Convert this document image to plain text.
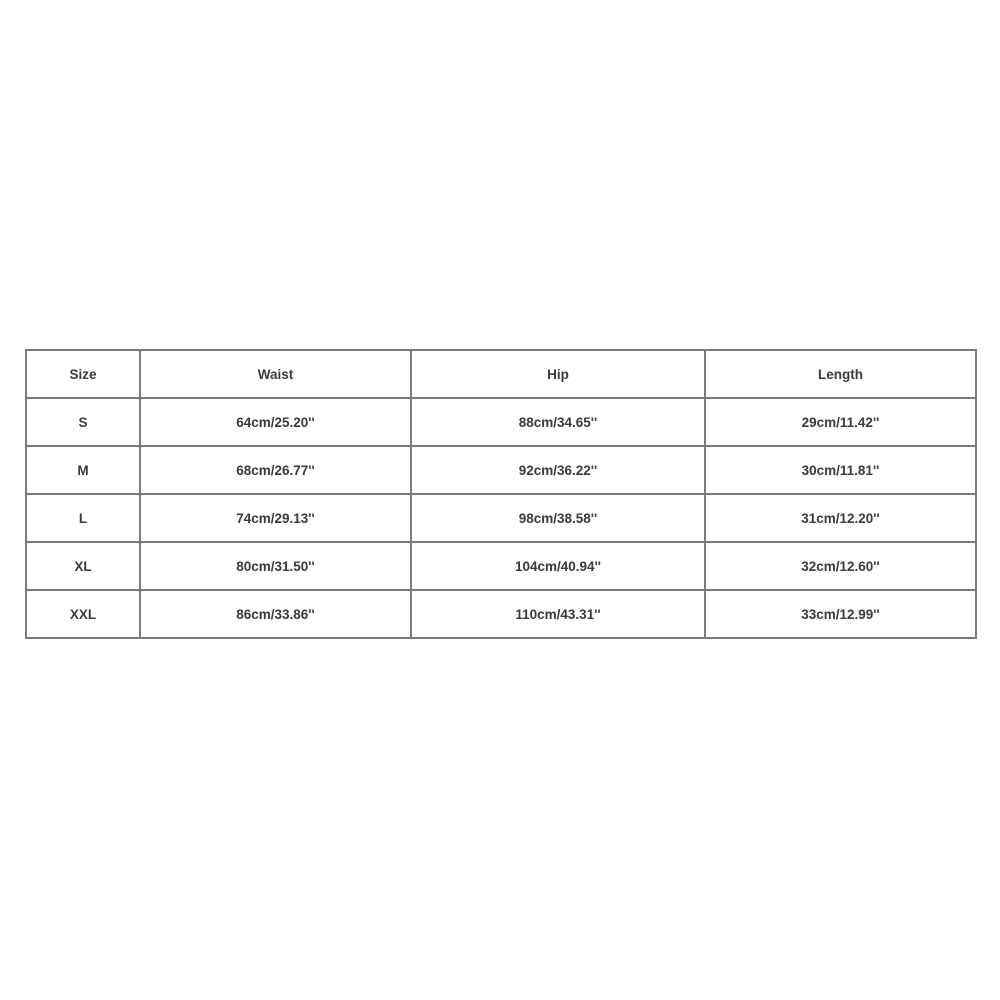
Size	Waist	Hip	Length
S	64cm/25.20''	88cm/34.65''	29cm/11.42''
M	68cm/26.77''	92cm/36.22''	30cm/11.81''
L	74cm/29.13''	98cm/38.58''	31cm/12.20''
XL	80cm/31.50''	104cm/40.94''	32cm/12.60''
XXL	86cm/33.86''	110cm/43.31''	33cm/12.99''
